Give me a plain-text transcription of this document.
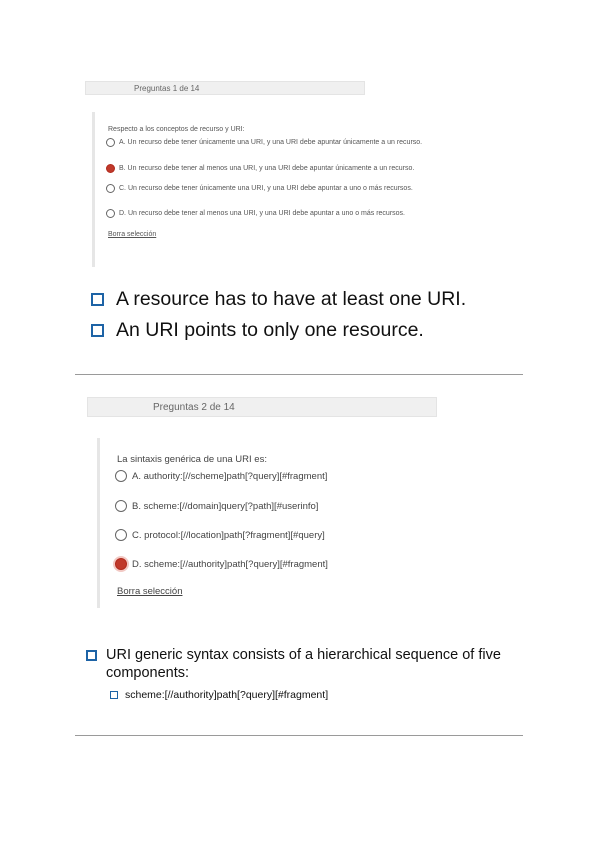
Preguntas 1 de 14
Respecto a los conceptos de recurso y URI:
A. Un recurso debe tener únicamente una URI, y una URI debe apuntar únicamente a un recurso.
B. Un recurso debe tener al menos una URI, y una URI debe apuntar únicamente a un recurso.
C. Un recurso debe tener únicamente una URI, y una URI debe apuntar a uno o más recursos.
D. Un recurso debe tener al menos una URI, y una URI debe apuntar a uno o más recursos.
Borra selección
A resource has to have at least one URI.
An URI points to only one resource.
Preguntas 2 de 14
La sintaxis genérica de una URI es:
A. authority:[//scheme]path[?query][#fragment]
B. scheme:[//domain]query[?path][#userinfo]
C. protocol:[//location]path[?fragment][#query]
D. scheme:[//authority]path[?query][#fragment]
Borra selección
URI generic syntax consists of a hierarchical sequence of five components:
scheme:[//authority]path[?query][#fragment]
